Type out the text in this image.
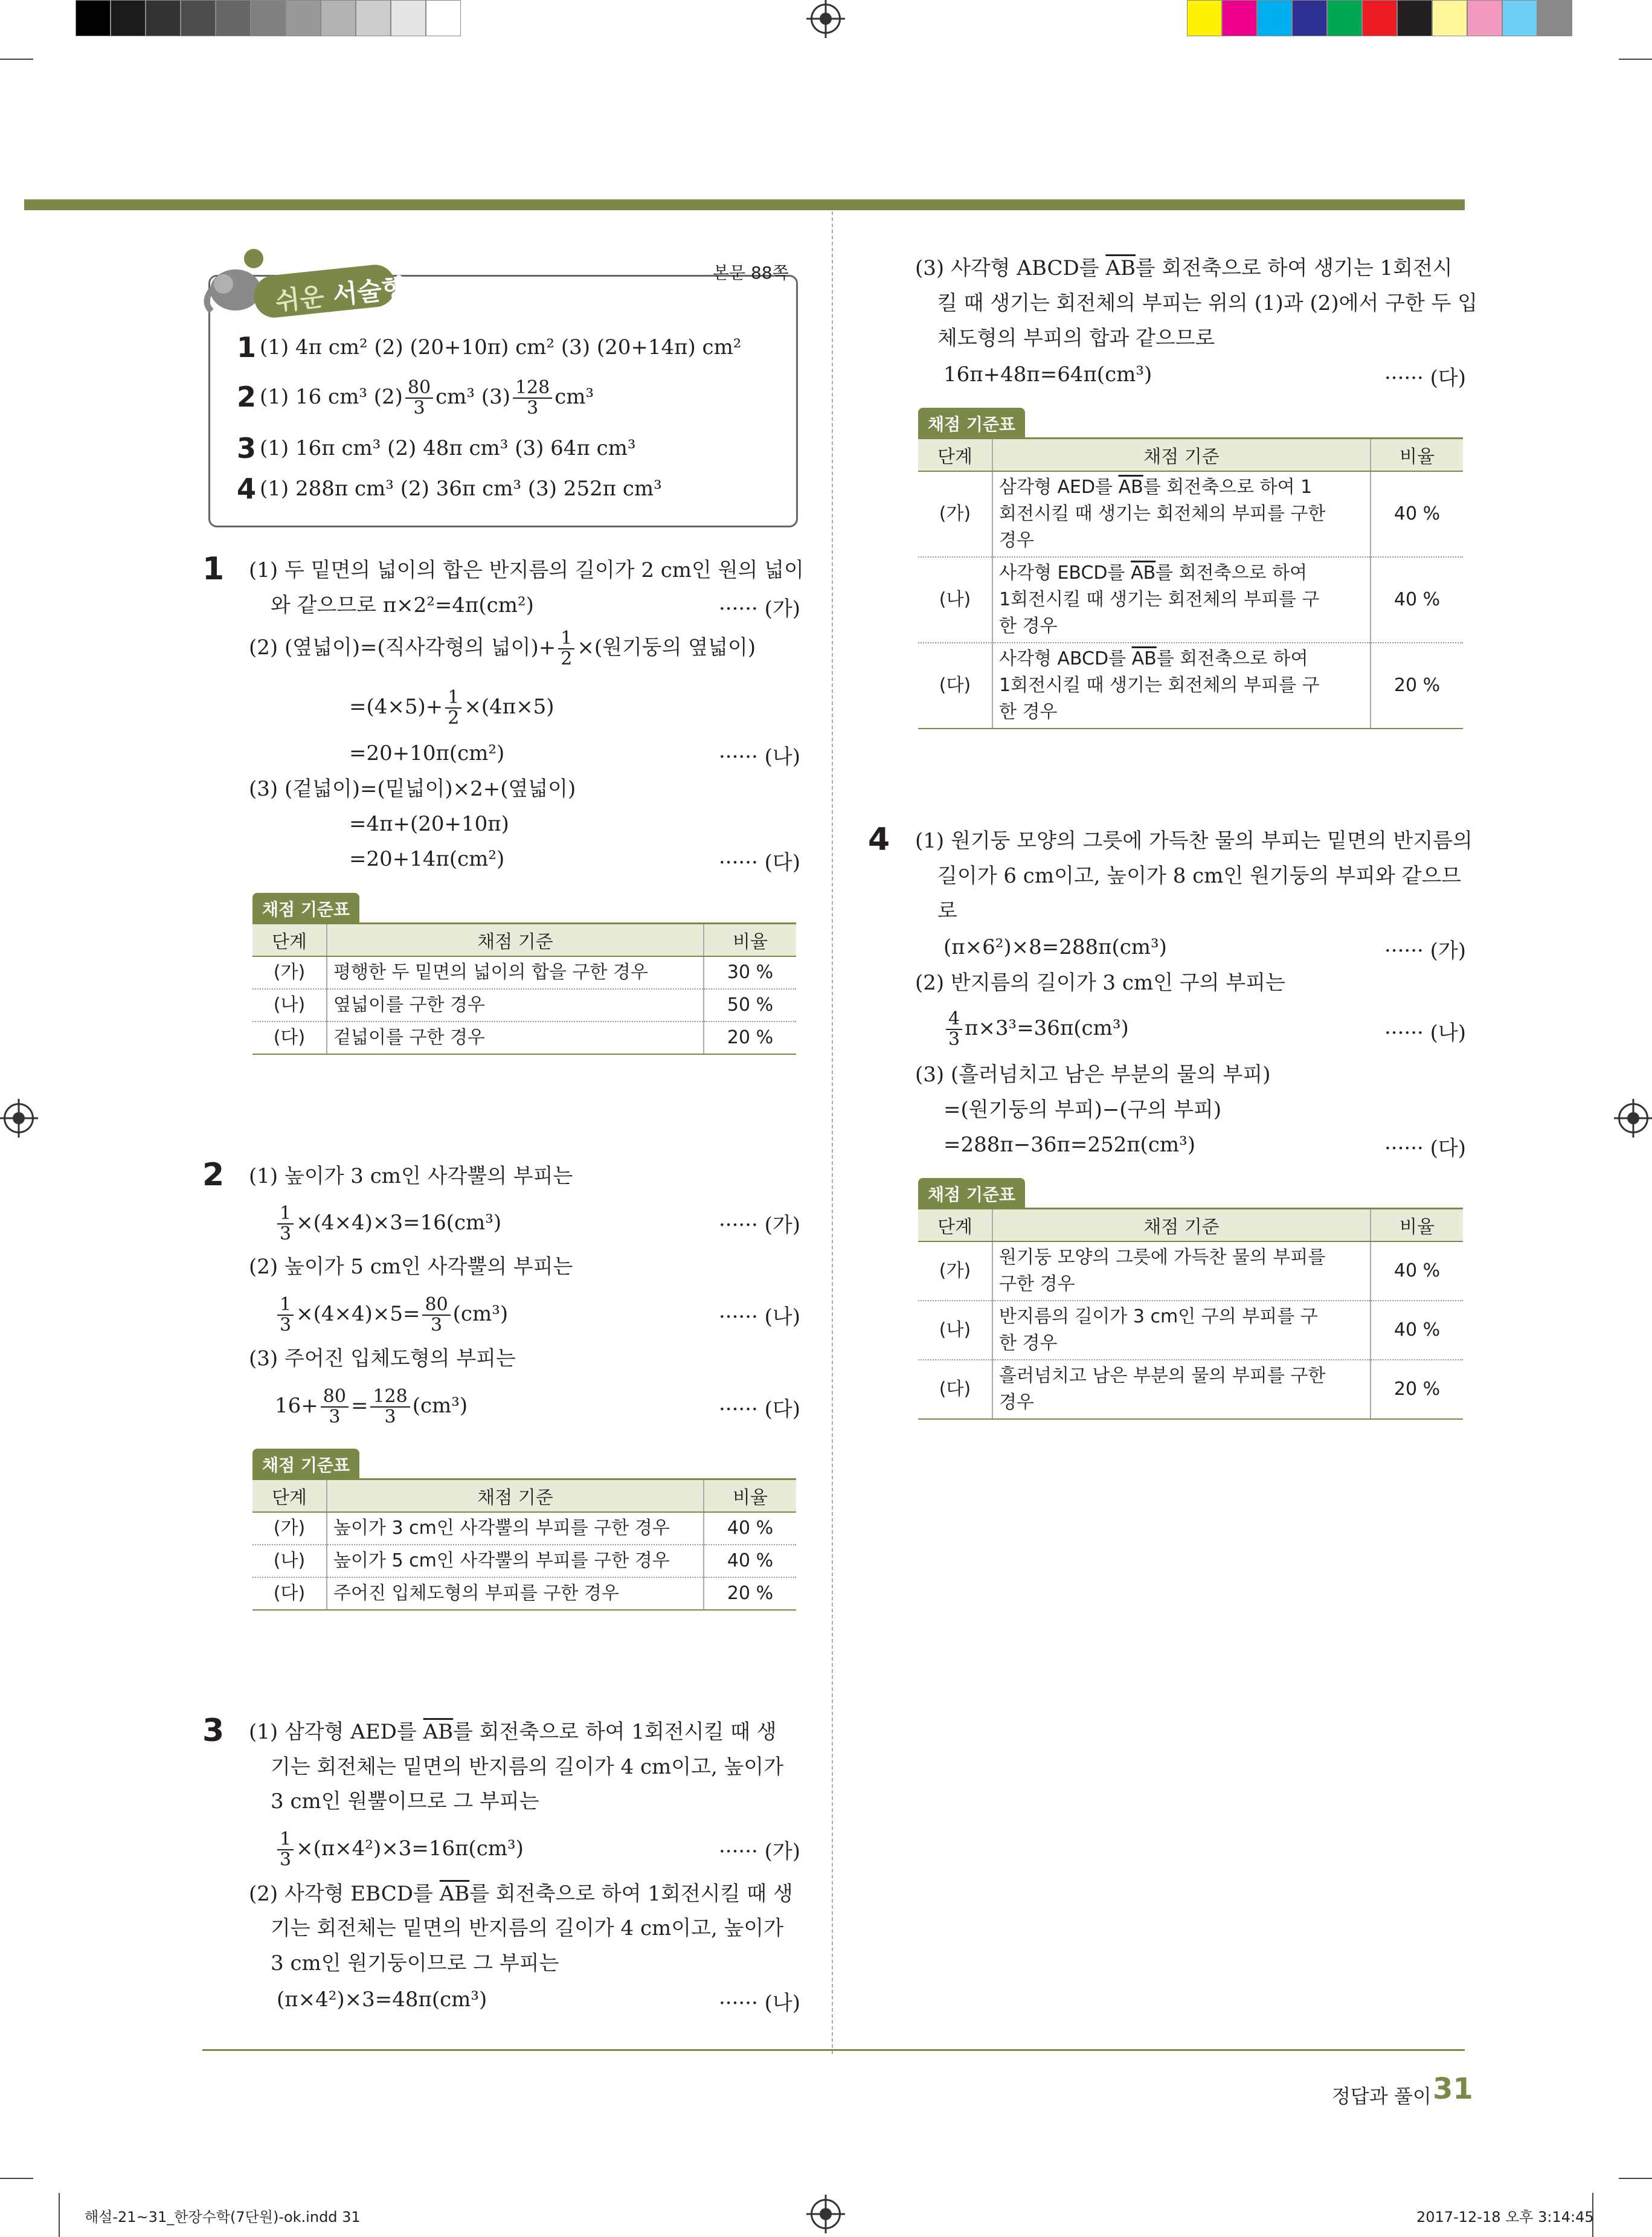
쉬운 서술형
본문 88쪽
1 (1) 4π cm² (2) (20+10π) cm² (3) (20+14π) cm²
2 (1) 16 cm³ $(2) \frac{80}{3} cm^3$ $(3) \frac{128}{3} cm^3$
3 (1) 16π cm³ (2) 48π cm³ (3) 64π cm³
4 (1) 288π cm³ (2) 36π cm³ (3) 252π cm³
1 (1) 두 밑면의 넓이의 합은 반지름의 길이가 2 cm인 원의 넓이
와 같으므로 π×2²=4π(cm²)	······ (가)
(2) (옆넓이)=(직사각형의 넓이)+ $\frac{1}{2}$ ×(원기둥의 옆넓이)
$=(4\times 5)+ \frac{1}{2} \times(4\pi\times 5)$
=20+10π(cm²)	······ (나)
(3) (겉넓이)=(밑넓이)×2+(옆넓이)
=4π+(20+10π)
=20+14π(cm²)	······ (다)
채점 기준표
단계	채점 기준	비율
(가)	평행한 두 밑면의 넓이의 합을 구한 경우	30 %
(나)	옆넓이를 구한 경우	50 %
(다)	겉넓이를 구한 경우	20 %
2 (1) 높이가 3 cm인 사각뿔의 부피는
$\frac{1}{3} \times(4\times 4)\times 3=16(cm^3)$	······ (가)
(2) 높이가 5 cm인 사각뿔의 부피는
$\frac{1}{3} \times(4\times 4)\times 5= \frac{80}{3} (cm^3)$	······ (나)
(3) 주어진 입체도형의 부피는
$16+ \frac{80}{3} = \frac{128}{3} (cm^3)$	······ (다)
채점 기준표
단계	채점 기준	비율
(가)	높이가 3 cm인 사각뿔의 부피를 구한 경우	40 %
(나)	높이가 5 cm인 사각뿔의 부피를 구한 경우	40 %
(다)	주어진 입체도형의 부피를 구한 경우	20 %
3 (1) 삼각형 AED를 $\overline{AB}$를 회전축으로 하여 1회전시킬 때 생
기는 회전체는 밑면의 반지름의 길이가 4 cm이고, 높이가
3 cm인 원뿔이므로 그 부피는
$\frac{1}{3} \times(\pi\times 4^2)\times 3=16\pi(cm^3)$	······ (가)
(2) 사각형 EBCD를 $\overline{AB}$를 회전축으로 하여 1회전시킬 때 생
기는 회전체는 밑면의 반지름의 길이가 4 cm이고, 높이가
3 cm인 원기둥이므로 그 부피는
(π×4²)×3=48π(cm³)	······ (나)
(3) 사각형 ABCD를 $\overline{AB}$를 회전축으로 하여 생기는 1회전시
킬 때 생기는 회전체의 부피는 위의 (1)과 (2)에서 구한 두 입
체도형의 부피의 합과 같으므로
16π+48π=64π(cm³)	······ (다)
채점 기준표
단계	채점 기준	비율
(가)	삼각형 AED를 $\overline{AB}$를 회전축으로 하여 1
회전시킬 때 생기는 회전체의 부피를 구한
경우	40 %
(나)	사각형 EBCD를 $\overline{AB}$를 회전축으로 하여
1회전시킬 때 생기는 회전체의 부피를 구
한 경우	40 %
(다)	사각형 ABCD를 $\overline{AB}$를 회전축으로 하여
1회전시킬 때 생기는 회전체의 부피를 구
한 경우	20 %
4 (1) 원기둥 모양의 그릇에 가득찬 물의 부피는 밑면의 반지름의
길이가 6 cm이고, 높이가 8 cm인 원기둥의 부피와 같으므
로
(π×6²)×8=288π(cm³)	······ (가)
(2) 반지름의 길이가 3 cm인 구의 부피는
$\frac{4}{3} \pi\times 3^3=36\pi(cm^3)$	······ (나)
(3) (흘러넘치고 남은 부분의 물의 부피)
=(원기둥의 부피)−(구의 부피)
=288π−36π=252π(cm³)	······ (다)
채점 기준표
단계	채점 기준	비율
(가)	원기둥 모양의 그릇에 가득찬 물의 부피를
구한 경우	40 %
(나)	반지름의 길이가 3 cm인 구의 부피를 구
한 경우	40 %
(다)	흘러넘치고 남은 부분의 물의 부피를 구한
경우	20 %
정답과 풀이 31
해설-21~31_한장수학(7단원)-ok.indd 31	2017-12-18 오후 3:14:45
